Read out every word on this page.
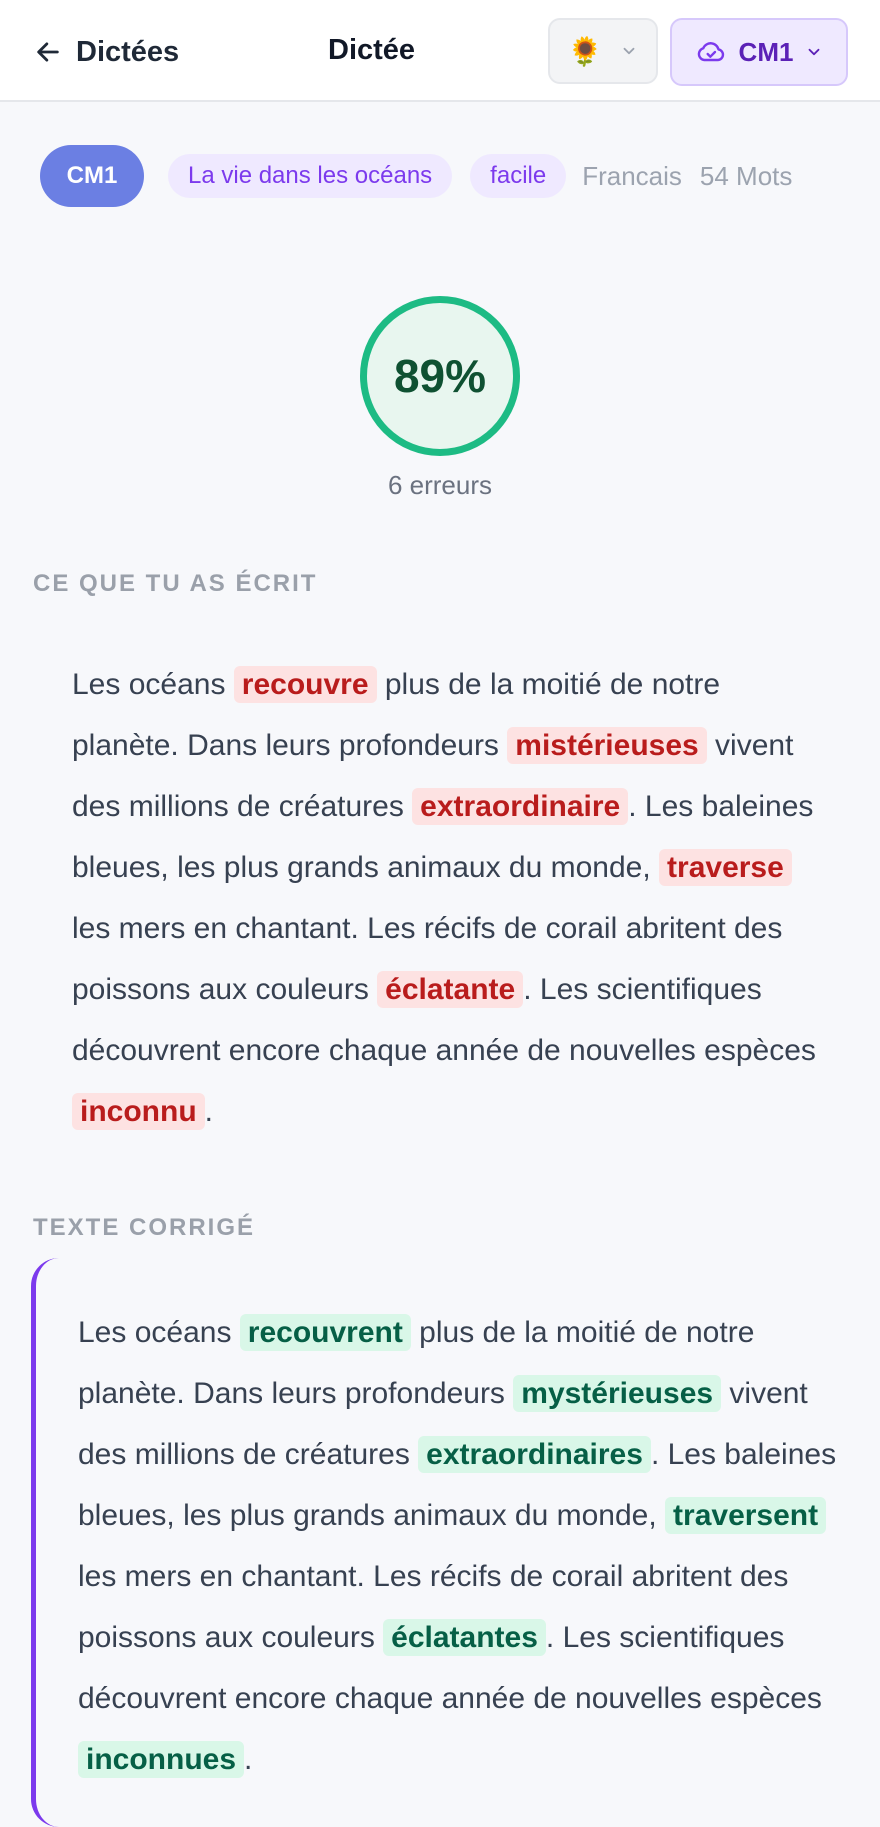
Dictées	Dictée	🌻	CM1
CM1	La vie dans les océans	facile	Francais 54 Mots
89%
6 erreurs
CE QUE TU AS ÉCRIT
Les océans recouvre plus de la moitié de notre planète. Dans leurs profondeurs mistérieuses vivent des millions de créatures extraordinaire . Les baleines bleues, les plus grands animaux du monde, traverse les mers en chantant. Les récifs de corail abritent des poissons aux couleurs éclatante . Les scientifiques découvrent encore chaque année de nouvelles espèces inconnu .
TEXTE CORRIGÉ
Les océans recouvrent plus de la moitié de notre planète. Dans leurs profondeurs mystérieuses vivent des millions de créatures extraordinaires . Les baleines bleues, les plus grands animaux du monde, traversent les mers en chantant. Les récifs de corail abritent des poissons aux couleurs éclatantes . Les scientifiques découvrent encore chaque année de nouvelles espèces inconnues .
